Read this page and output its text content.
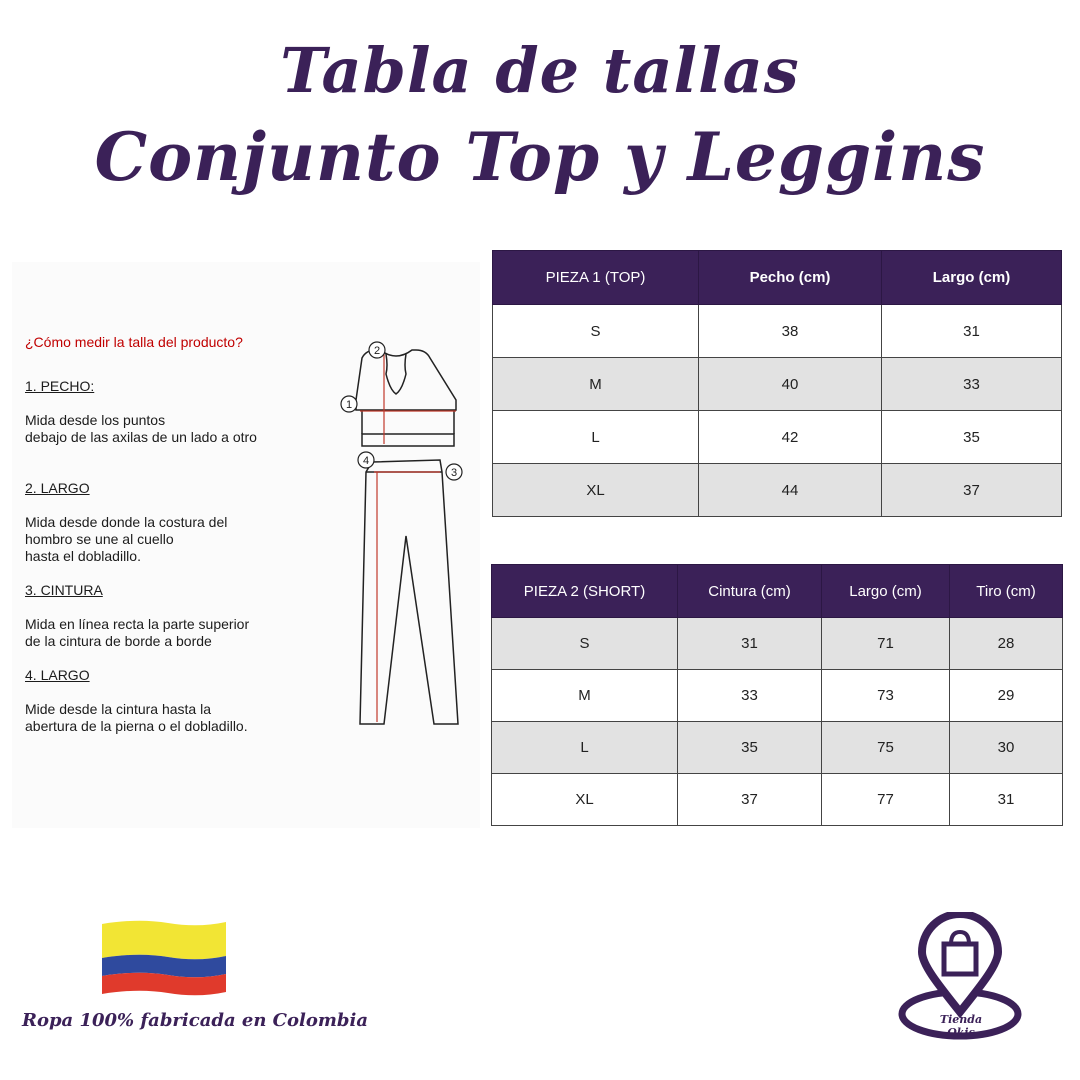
Tabla de tallas
Conjunto Top y Leggins
¿Cómo medir la talla del producto?
1. PECHO:
Mida desde los puntos
debajo de las axilas de un lado a otro
2. LARGO
Mida desde donde la costura del
hombro se une al cuello
hasta el dobladillo.
3. CINTURA
Mida en línea recta la parte superior
de la cintura de borde a borde
4. LARGO
Mide desde la cintura hasta la
abertura de la pierna o el dobladillo.
1
2
3
4
PIEZA 1 (TOP)	Pecho (cm)	Largo (cm)
S	38	31
M	40	33
L	42	35
XL	44	37
PIEZA 2 (SHORT)	Cintura (cm)	Largo (cm)	Tiro (cm)
S	31	71	28
M	33	73	29
L	35	75	30
XL	37	77	31
Ropa 100% fabricada en Colombia	Tienda Okis
